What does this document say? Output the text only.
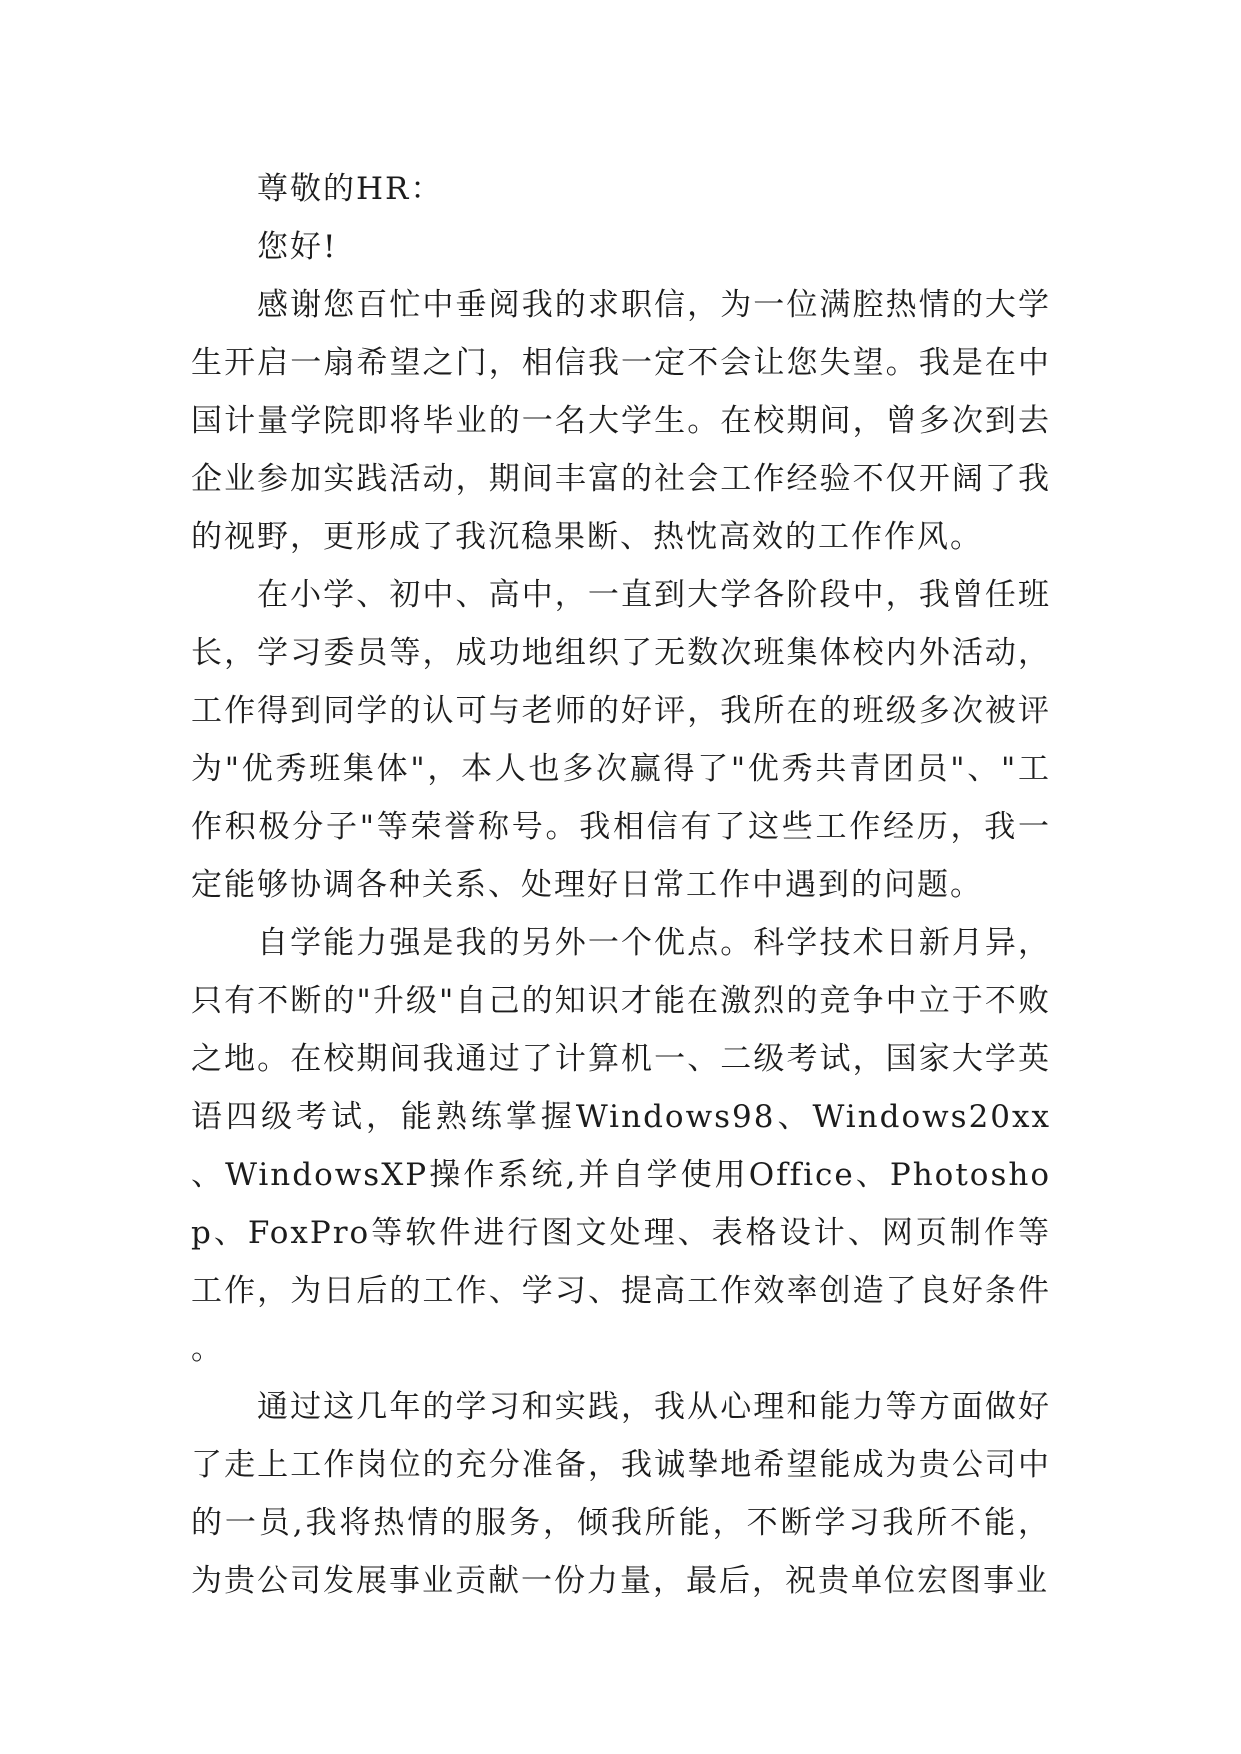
尊敬的HR：

您好!

感谢您百忙中垂阅我的求职信，为一位满腔热情的大学生开启一扇希望之门，相信我一定不会让您失望。我是在中国计量学院即将毕业的一名大学生。在校期间，曾多次到去企业参加实践活动，期间丰富的社会工作经验不仅开阔了我的视野，更形成了我沉稳果断、热忱高效的工作作风。

在小学、初中、高中，一直到大学各阶段中，我曾任班长，学习委员等，成功地组织了无数次班集体校内外活动，工作得到同学的认可与老师的好评，我所在的班级多次被评为"优秀班集体"，本人也多次赢得了"优秀共青团员"、"工作积极分子"等荣誉称号。我相信有了这些工作经历，我一定能够协调各种关系、处理好日常工作中遇到的问题。

自学能力强是我的另外一个优点。科学技术日新月异，只有不断的"升级"自己的知识才能在激烈的竞争中立于不败之地。在校期间我通过了计算机一、二级考试，国家大学英语四级考试，能熟练掌握Windows98、Windows20xx、WindowsXP操作系统,并自学使用Office、Photoshop、FoxPro等软件进行图文处理、表格设计、网页制作等工作，为日后的工作、学习、提高工作效率创造了良好条件。

通过这几年的学习和实践，我从心理和能力等方面做好了走上工作岗位的充分准备，我诚挚地希望能成为贵公司中的一员,我将热情的服务，倾我所能，不断学习我所不能，为贵公司发展事业贡献一份力量，最后，祝贵单位宏图事业
